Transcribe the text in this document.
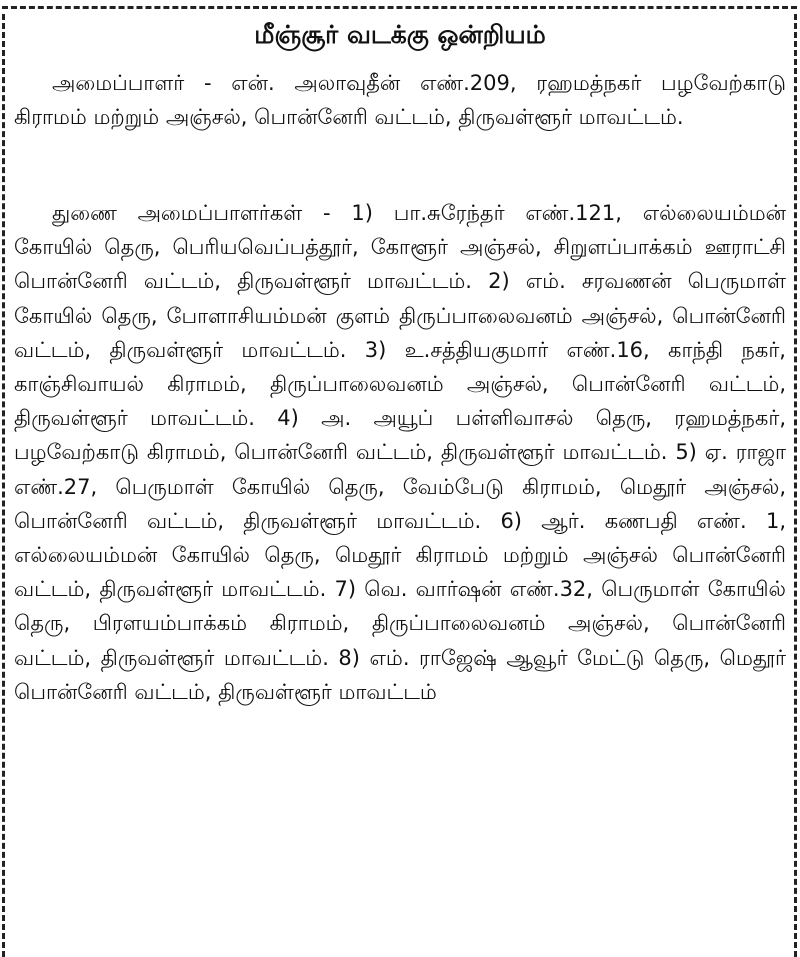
மீஞ்சூர் வடக்கு ஒன்றியம்

அமைப்பாளர் - என். அலாவுதீன் எண்.209, ரஹமத்நகர் பழவேற்காடு கிராமம் மற்றும் அஞ்சல், பொன்னேரி வட்டம், திருவள்ளூர் மாவட்டம்.

துணை அமைப்பாளர்கள் - 1) பா.சுரேந்தர் எண்.121, எல்லையம்மன் கோயில் தெரு, பெரியவெப்பத்தூர், கோளூர் அஞ்சல், சிறுளப்பாக்கம் ஊராட்சி பொன்னேரி வட்டம், திருவள்ளூர் மாவட்டம். 2) எம். சரவணன் பெருமாள் கோயில் தெரு, போளாசியம்மன் குளம் திருப்பாலைவனம் அஞ்சல், பொன்னேரி வட்டம், திருவள்ளூர் மாவட்டம். 3) உ.சத்தியகுமார் எண்.16, காந்தி நகர், காஞ்சிவாயல் கிராமம், திருப்பாலைவனம் அஞ்சல், பொன்னேரி வட்டம், திருவள்ளூர் மாவட்டம். 4) அ. அயூப் பள்ளிவாசல் தெரு, ரஹமத்நகர், பழவேற்காடு கிராமம், பொன்னேரி வட்டம், திருவள்ளூர் மாவட்டம். 5) ஏ. ராஜா எண்.27, பெருமாள் கோயில் தெரு, வேம்பேடு கிராமம், மெதூர் அஞ்சல், பொன்னேரி வட்டம், திருவள்ளூர் மாவட்டம். 6) ஆர். கணபதி எண். 1, எல்லையம்மன் கோயில் தெரு, மெதூர் கிராமம் மற்றும் அஞ்சல் பொன்னேரி வட்டம், திருவள்ளூர் மாவட்டம். 7) வெ. வார்ஷன் எண்.32, பெருமாள் கோயில் தெரு, பிரளயம்பாக்கம் கிராமம், திருப்பாலைவனம் அஞ்சல், பொன்னேரி வட்டம், திருவள்ளூர் மாவட்டம். 8) எம். ராஜேஷ் ஆவூர் மேட்டு தெரு, மெதூர் பொன்னேரி வட்டம், திருவள்ளூர் மாவட்டம்
